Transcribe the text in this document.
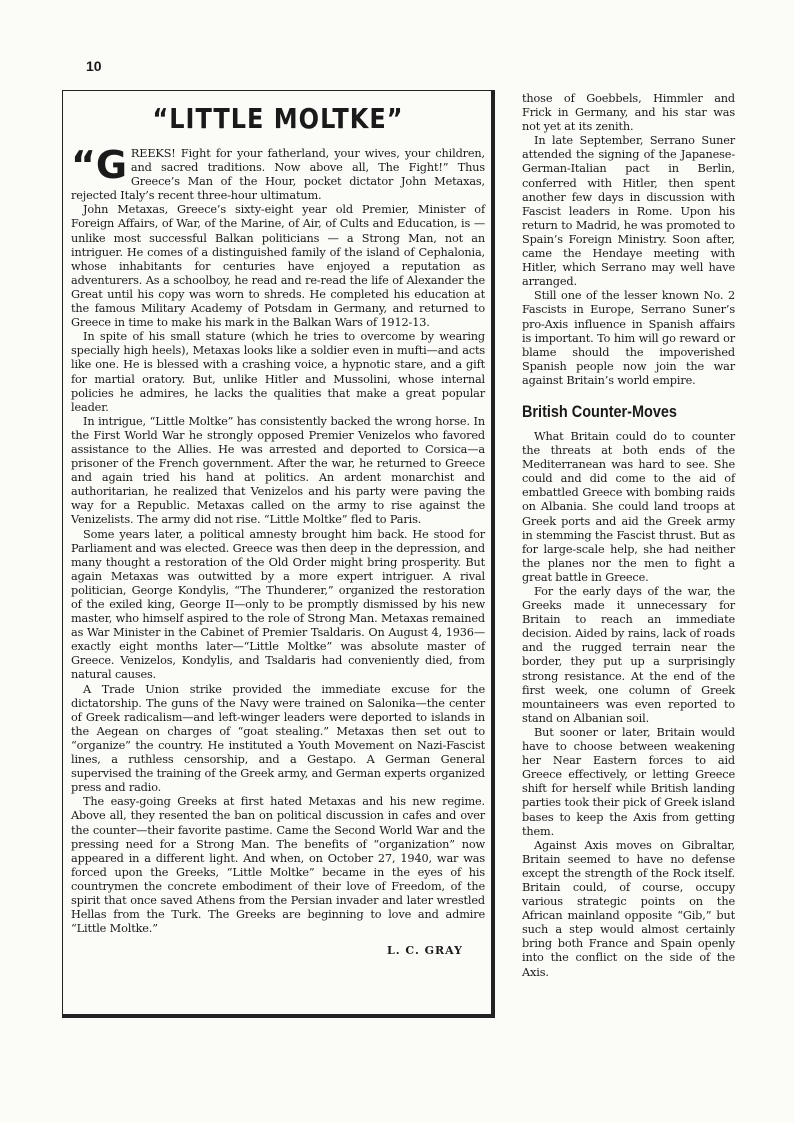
10
“LITTLE MOLTKE”

“GREEKS! Fight for your fatherland, your wives, your children, and sacred traditions. Now above all, The Fight!” Thus Greece’s Man of the Hour, pocket dictator John Metaxas, rejected Italy’s recent three-hour ultimatum.

John Metaxas, Greece’s sixty-eight year old Premier, Minister of Foreign Affairs, of War, of the Marine, of Air, of Cults and Education, is — unlike most successful Balkan politicians — a Strong Man, not an intriguer. He comes of a distinguished family of the island of Cephalonia, whose inhabitants for centuries have enjoyed a reputation as adventurers. As a schoolboy, he read and re-read the life of Alexander the Great until his copy was worn to shreds. He completed his education at the famous Military Academy of Potsdam in Germany, and returned to Greece in time to make his mark in the Balkan Wars of 1912-13.

In spite of his small stature (which he tries to overcome by wearing specially high heels), Metaxas looks like a soldier even in mufti—and acts like one. He is blessed with a crashing voice, a hypnotic stare, and a gift for martial oratory. But, unlike Hitler and Mussolini, whose internal policies he admires, he lacks the qualities that make a great popular leader.

In intrigue, “Little Moltke” has consistently backed the wrong horse. In the First World War he strongly opposed Premier Venizelos who favored assistance to the Allies. He was arrested and deported to Corsica—a prisoner of the French government. After the war, he returned to Greece and again tried his hand at politics. An ardent monarchist and authoritarian, he realized that Venizelos and his party were paving the way for a Republic. Metaxas called on the army to rise against the Venizelists. The army did not rise. “Little Moltke” fled to Paris.

Some years later, a political amnesty brought him back. He stood for Parliament and was elected. Greece was then deep in the depression, and many thought a restoration of the Old Order might bring prosperity. But again Metaxas was outwitted by a more expert intriguer. A rival politician, George Kondylis, “The Thunderer,” organized the restoration of the exiled king, George II—only to be promptly dismissed by his new master, who himself aspired to the role of Strong Man. Metaxas remained as War Minister in the Cabinet of Premier Tsaldaris. On August 4, 1936—exactly eight months later—“Little Moltke” was absolute master of Greece. Venizelos, Kondylis, and Tsaldaris had conveniently died, from natural causes.

A Trade Union strike provided the immediate excuse for the dictatorship. The guns of the Navy were trained on Salonika—the center of Greek radicalism—and left-winger leaders were deported to islands in the Aegean on charges of “goat stealing.” Metaxas then set out to “organize” the country. He instituted a Youth Movement on Nazi-Fascist lines, a ruthless censorship, and a Gestapo. A German General supervised the training of the Greek army, and German experts organized press and radio.

The easy-going Greeks at first hated Metaxas and his new regime. Above all, they resented the ban on political discussion in cafes and over the counter—their favorite pastime. Came the Second World War and the pressing need for a Strong Man. The benefits of “organization” now appeared in a different light. And when, on October 27, 1940, war was forced upon the Greeks, “Little Moltke” became in the eyes of his countrymen the concrete embodiment of their love of Freedom, of the spirit that once saved Athens from the Persian invader and later wrestled Hellas from the Turk. The Greeks are beginning to love and admire “Little Moltke.”

L. C. GRAY

those of Goebbels, Himmler and Frick in Germany, and his star was not yet at its zenith.

In late September, Serrano Suner attended the signing of the Japanese-German-Italian pact in Berlin, conferred with Hitler, then spent another few days in discussion with Fascist leaders in Rome. Upon his return to Madrid, he was promoted to Spain’s Foreign Ministry. Soon after, came the Hendaye meeting with Hitler, which Serrano may well have arranged.

Still one of the lesser known No. 2 Fascists in Europe, Serrano Suner’s pro-Axis influence in Spanish affairs is important. To him will go reward or blame should the impoverished Spanish people now join the war against Britain’s world empire.

British Counter-Moves

What Britain could do to counter the threats at both ends of the Mediterranean was hard to see. She could and did come to the aid of embattled Greece with bombing raids on Albania. She could land troops at Greek ports and aid the Greek army in stemming the Fascist thrust. But as for large-scale help, she had neither the planes nor the men to fight a great battle in Greece.

For the early days of the war, the Greeks made it unnecessary for Britain to reach an immediate decision. Aided by rains, lack of roads and the rugged terrain near the border, they put up a surprisingly strong resistance. At the end of the first week, one column of Greek mountaineers was even reported to stand on Albanian soil.

But sooner or later, Britain would have to choose between weakening her Near Eastern forces to aid Greece effectively, or letting Greece shift for herself while British landing parties took their pick of Greek island bases to keep the Axis from getting them.

Against Axis moves on Gibraltar, Britain seemed to have no defense except the strength of the Rock itself. Britain could, of course, occupy various strategic points on the African mainland opposite “Gib,” but such a step would almost certainly bring both France and Spain openly into the conflict on the side of the Axis.
